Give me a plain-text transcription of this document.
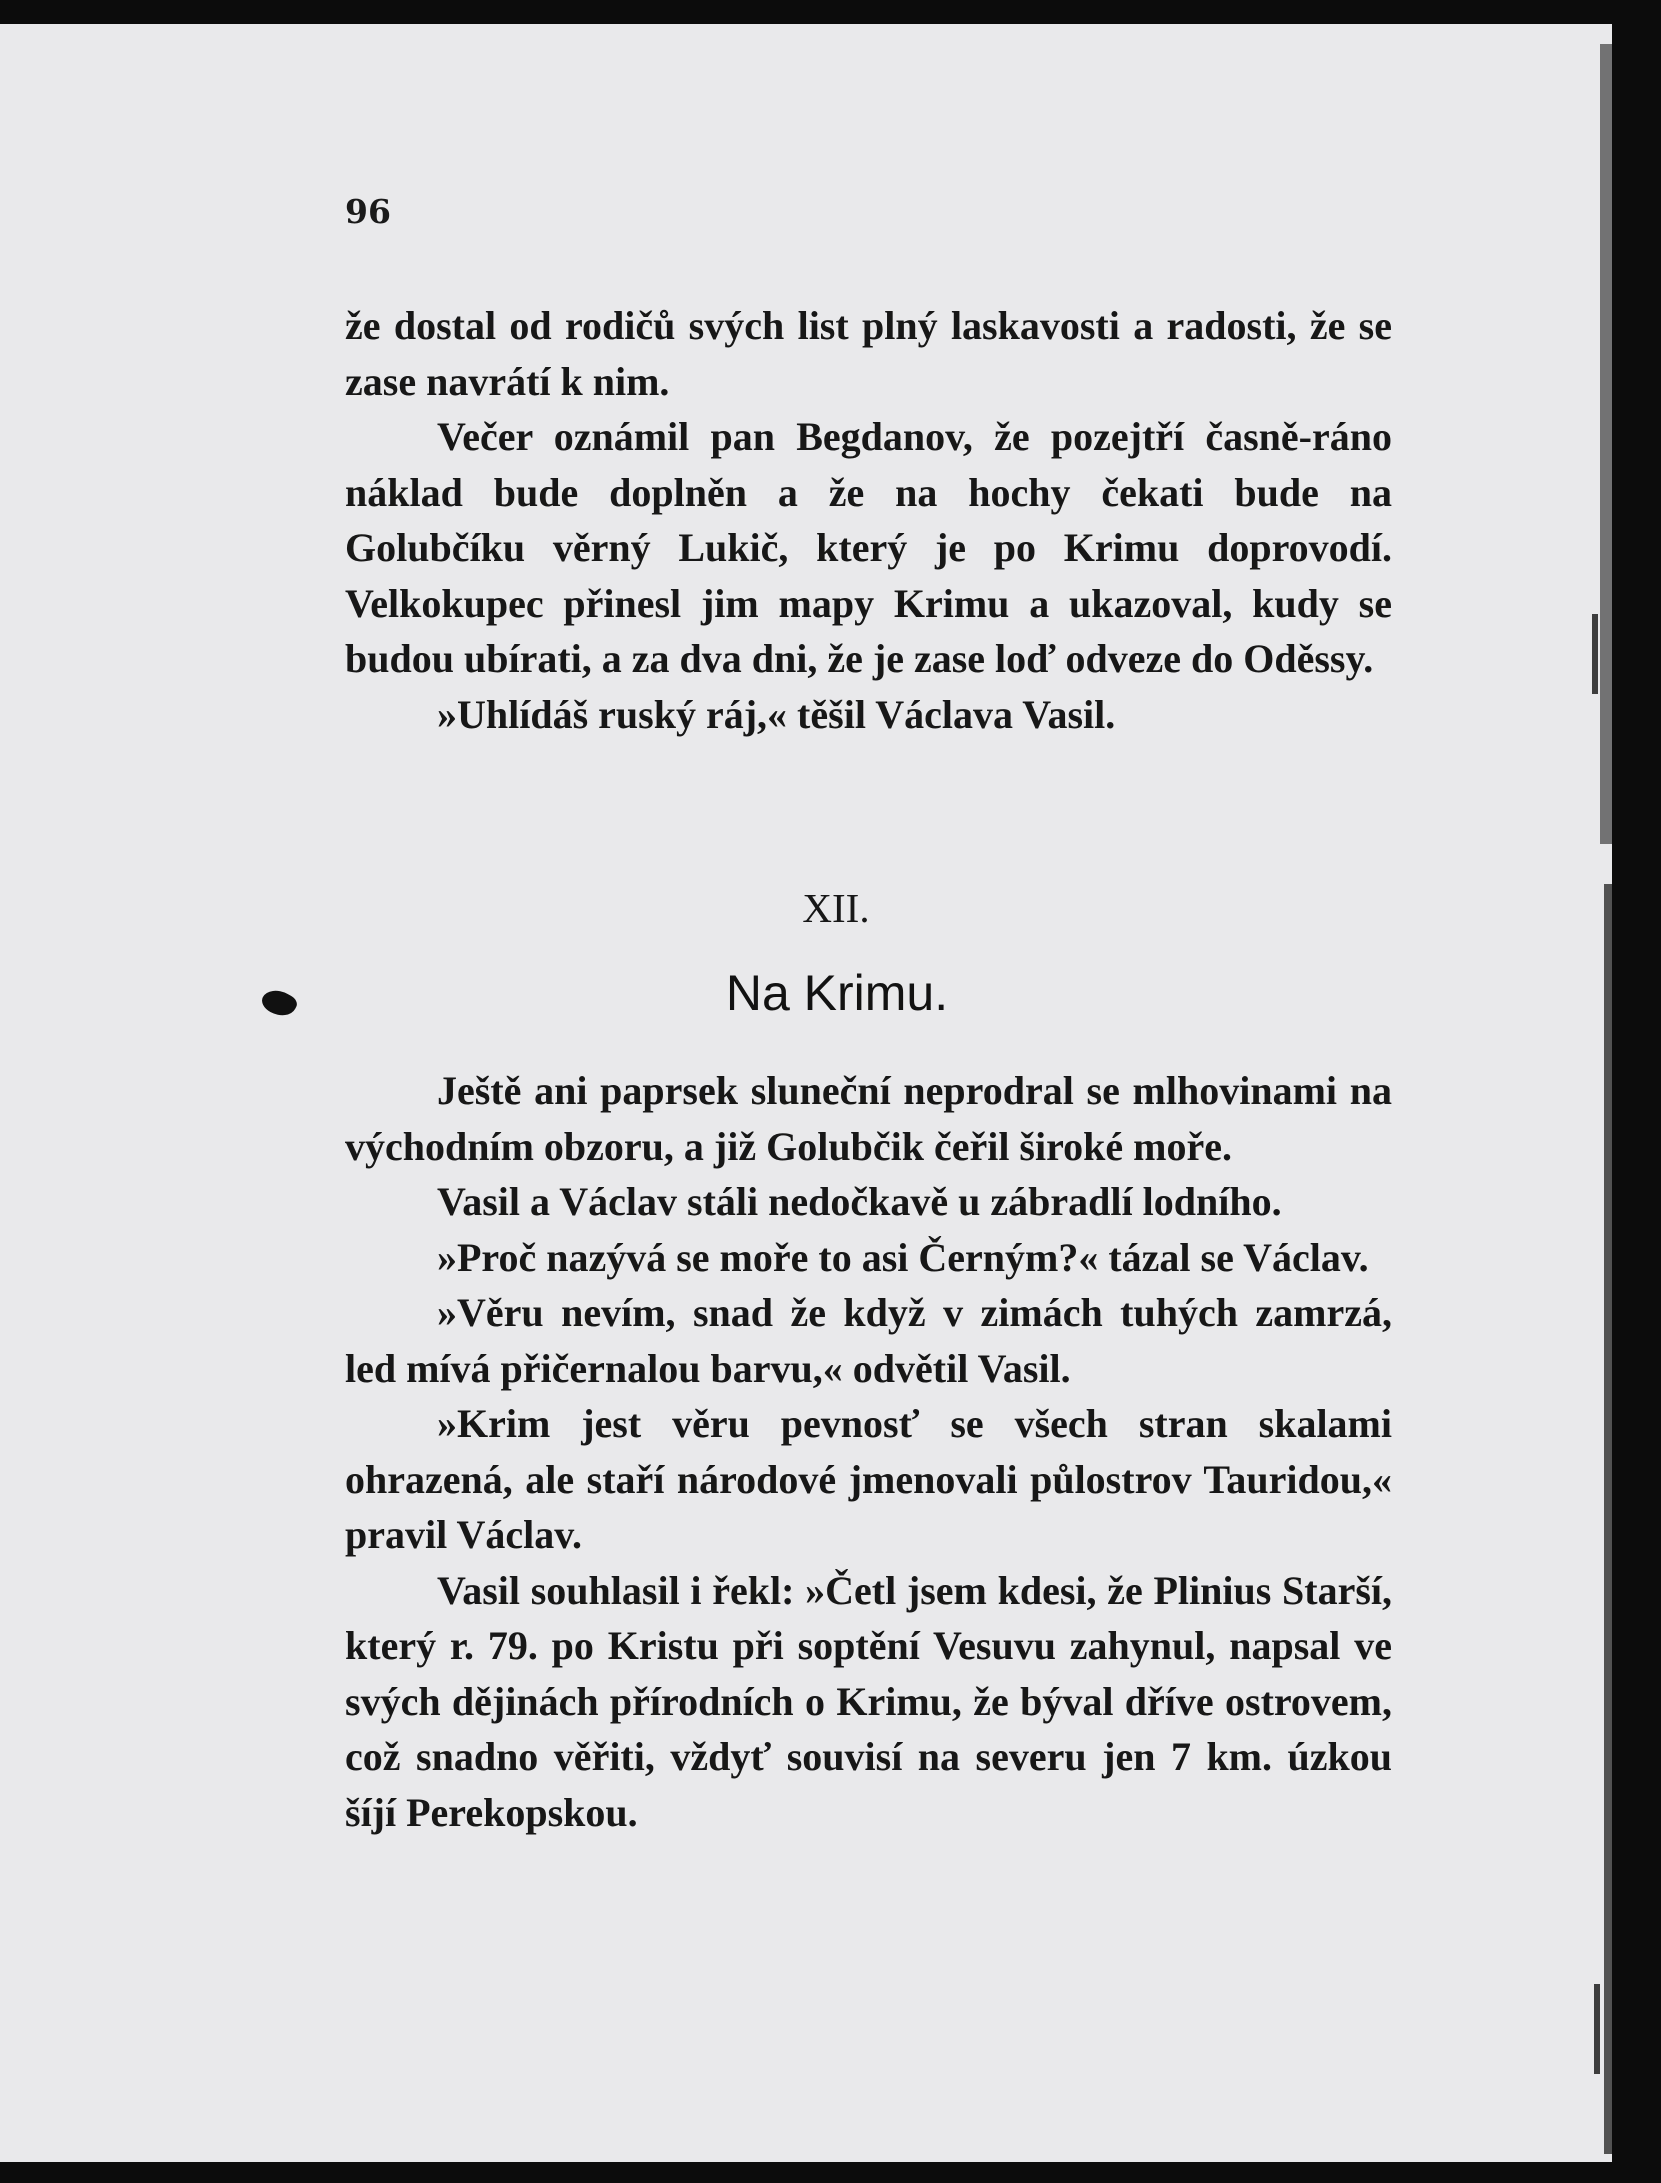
96

že dostal od rodičů svých list plný laskavosti a radosti, že se zase navrátí k nim.

Večer oznámil pan Begdanov, že pozejtří časně-ráno náklad bude doplněn a že na hochy čekati bude na Golubčíku věrný Lukič, který je po Krimu doprovodí. Velkokupec přinesl jim mapy Krimu a ukazoval, kudy se budou ubírati, a za dva dni, že je zase loď odveze do Oděssy.

»Uhlídáš ruský ráj,« těšil Václava Vasil.

XII.
Na Krimu.

Ještě ani paprsek sluneční neprodral se mlhovinami na východním obzoru, a již Golubčik čeřil široké moře.

Vasil a Václav stáli nedočkavě u zábradlí lodního.

»Proč nazývá se moře to asi Černým?« tázal se Václav.

»Věru nevím, snad že když v zimách tuhých zamrzá, led mívá přičernalou barvu,« odvětil Vasil.

»Krim jest věru pevnosť se všech stran skalami ohrazená, ale staří národové jmenovali půlostrov Tauridou,« pravil Václav.

Vasil souhlasil i řekl: »Četl jsem kdesi, že Plinius Starší, který r. 79. po Kristu při soptění Vesuvu zahynul, napsal ve svých dějinách přírodních o Krimu, že býval dříve ostrovem, což snadno věřiti, vždyť souvisí na severu jen 7 km. úzkou šíjí Perekopskou.
